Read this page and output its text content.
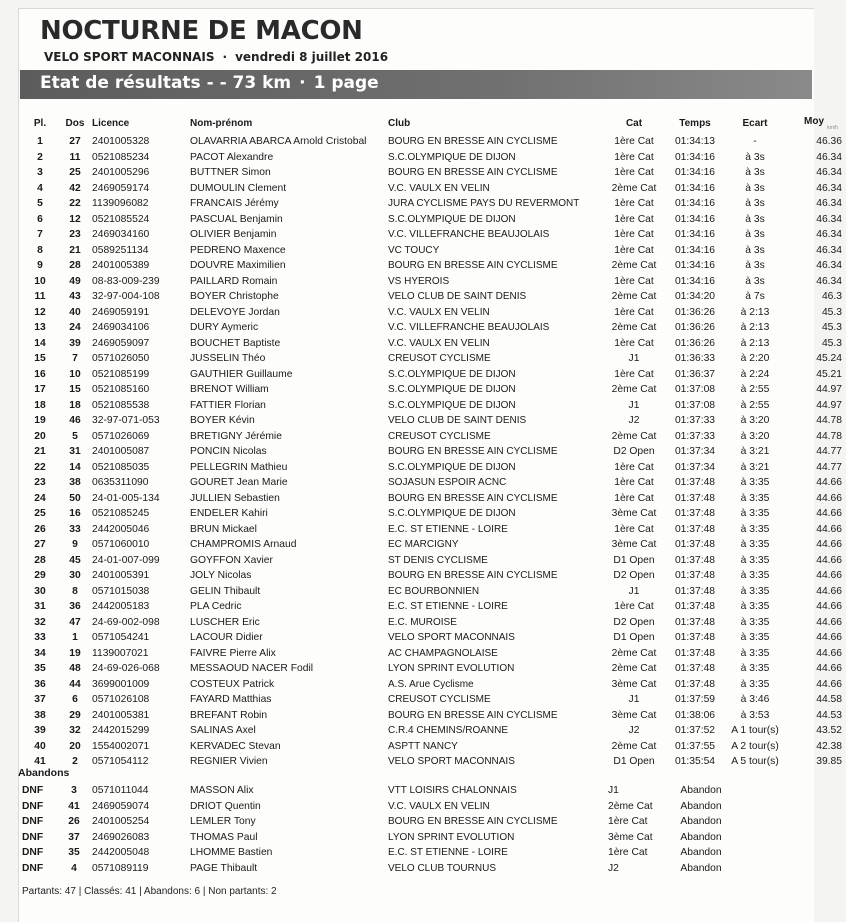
NOCTURNE DE MACON
VELO SPORT MACONNAIS · vendredi 8 juillet 2016
Etat de résultats - - 73 km · 1 page
Pl.	Dos	Licence	Nom-prénom	Club	Cat	Temps	Ecart	Moy
km/h

1	27	2401005328	OLAVARRIA ABARCA Arnold Cristobal	BOURG EN BRESSE AIN CYCLISME	1ère Cat	01:34:13	-	46.36
2	11	0521085234	PACOT Alexandre	S.C.OLYMPIQUE DE DIJON	1ère Cat	01:34:16	à 3s	46.34
3	25	2401005296	BUTTNER Simon	BOURG EN BRESSE AIN CYCLISME	1ère Cat	01:34:16	à 3s	46.34
4	42	2469059174	DUMOULIN Clement	V.C. VAULX EN VELIN	2ème Cat	01:34:16	à 3s	46.34
5	22	1139096082	FRANCAIS Jérémy	JURA CYCLISME PAYS DU REVERMONT	1ère Cat	01:34:16	à 3s	46.34
6	12	0521085524	PASCUAL Benjamin	S.C.OLYMPIQUE DE DIJON	1ère Cat	01:34:16	à 3s	46.34
7	23	2469034160	OLIVIER Benjamin	V.C. VILLEFRANCHE BEAUJOLAIS	1ère Cat	01:34:16	à 3s	46.34
8	21	0589251134	PEDRENO Maxence	VC TOUCY	1ère Cat	01:34:16	à 3s	46.34
9	28	2401005389	DOUVRE Maximilien	BOURG EN BRESSE AIN CYCLISME	2ème Cat	01:34:16	à 3s	46.34
10	49	08-83-009-239	PAILLARD Romain	VS HYEROIS	1ère Cat	01:34:16	à 3s	46.34
11	43	32-97-004-108	BOYER Christophe	VELO CLUB DE SAINT DENIS	2ème Cat	01:34:20	à 7s	46.3
12	40	2469059191	DELEVOYE Jordan	V.C. VAULX EN VELIN	1ère Cat	01:36:26	à 2:13	45.3
13	24	2469034106	DURY Aymeric	V.C. VILLEFRANCHE BEAUJOLAIS	2ème Cat	01:36:26	à 2:13	45.3
14	39	2469059097	BOUCHET Baptiste	V.C. VAULX EN VELIN	1ère Cat	01:36:26	à 2:13	45.3
15	7	0571026050	JUSSELIN Théo	CREUSOT CYCLISME	J1	01:36:33	à 2:20	45.24
16	10	0521085199	GAUTHIER Guillaume	S.C.OLYMPIQUE DE DIJON	1ère Cat	01:36:37	à 2:24	45.21
17	15	0521085160	BRENOT William	S.C.OLYMPIQUE DE DIJON	2ème Cat	01:37:08	à 2:55	44.97
18	18	0521085538	FATTIER Florian	S.C.OLYMPIQUE DE DIJON	J1	01:37:08	à 2:55	44.97
19	46	32-97-071-053	BOYER Kévin	VELO CLUB DE SAINT DENIS	J2	01:37:33	à 3:20	44.78
20	5	0571026069	BRETIGNY Jérémie	CREUSOT CYCLISME	2ème Cat	01:37:33	à 3:20	44.78
21	31	2401005087	PONCIN Nicolas	BOURG EN BRESSE AIN CYCLISME	D2 Open	01:37:34	à 3:21	44.77
22	14	0521085035	PELLEGRIN Mathieu	S.C.OLYMPIQUE DE DIJON	1ère Cat	01:37:34	à 3:21	44.77
23	38	0635311090	GOURET Jean Marie	SOJASUN ESPOIR ACNC	1ère Cat	01:37:48	à 3:35	44.66
24	50	24-01-005-134	JULLIEN Sebastien	BOURG EN BRESSE AIN CYCLISME	1ère Cat	01:37:48	à 3:35	44.66
25	16	0521085245	ENDELER Kahiri	S.C.OLYMPIQUE DE DIJON	3ème Cat	01:37:48	à 3:35	44.66
26	33	2442005046	BRUN Mickael	E.C. ST ETIENNE - LOIRE	1ère Cat	01:37:48	à 3:35	44.66
27	9	0571060010	CHAMPROMIS Arnaud	EC MARCIGNY	3ème Cat	01:37:48	à 3:35	44.66
28	45	24-01-007-099	GOYFFON Xavier	ST DENIS CYCLISME	D1 Open	01:37:48	à 3:35	44.66
29	30	2401005391	JOLY Nicolas	BOURG EN BRESSE AIN CYCLISME	D2 Open	01:37:48	à 3:35	44.66
30	8	0571015038	GELIN Thibault	EC BOURBONNIEN	J1	01:37:48	à 3:35	44.66
31	36	2442005183	PLA Cedric	E.C. ST ETIENNE - LOIRE	1ère Cat	01:37:48	à 3:35	44.66
32	47	24-69-002-098	LUSCHER Eric	E.C. MUROISE	D2 Open	01:37:48	à 3:35	44.66
33	1	0571054241	LACOUR Didier	VELO SPORT MACONNAIS	D1 Open	01:37:48	à 3:35	44.66
34	19	1139007021	FAIVRE Pierre Alix	AC CHAMPAGNOLAISE	2ème Cat	01:37:48	à 3:35	44.66
35	48	24-69-026-068	MESSAOUD NACER Fodil	LYON SPRINT EVOLUTION	2ème Cat	01:37:48	à 3:35	44.66
36	44	3699001009	COSTEUX Patrick	A.S. Arue Cyclisme	3ème Cat	01:37:48	à 3:35	44.66
37	6	0571026108	FAYARD Matthias	CREUSOT CYCLISME	J1	01:37:59	à 3:46	44.58
38	29	2401005381	BREFANT Robin	BOURG EN BRESSE AIN CYCLISME	3ème Cat	01:38:06	à 3:53	44.53
39	32	2442015299	SALINAS Axel	C.R.4 CHEMINS/ROANNE	J2	01:37:52	A 1 tour(s)	43.52
40	20	1554002071	KERVADEC Stevan	ASPTT NANCY	2ème Cat	01:37:55	A 2 tour(s)	42.38
41	2	0571054112	REGNIER Vivien	VELO SPORT MACONNAIS	D1 Open	01:35:54	A 5 tour(s)	39.85
Abandons
DNF	3	0571011044	MASSON Alix	VTT LOISIRS CHALONNAIS	J1	Abandon	
DNF	41	2469059074	DRIOT Quentin	V.C. VAULX EN VELIN	2ème Cat	Abandon	
DNF	26	2401005254	LEMLER Tony	BOURG EN BRESSE AIN CYCLISME	1ère Cat	Abandon	
DNF	37	2469026083	THOMAS Paul	LYON SPRINT EVOLUTION	3ème Cat	Abandon	
DNF	35	2442005048	LHOMME Bastien	E.C. ST ETIENNE - LOIRE	1ère Cat	Abandon	
DNF	4	0571089119	PAGE Thibault	VELO CLUB TOURNUS	J2	Abandon	
Partants: 47 | Classés: 41 | Abandons: 6 | Non partants: 2
